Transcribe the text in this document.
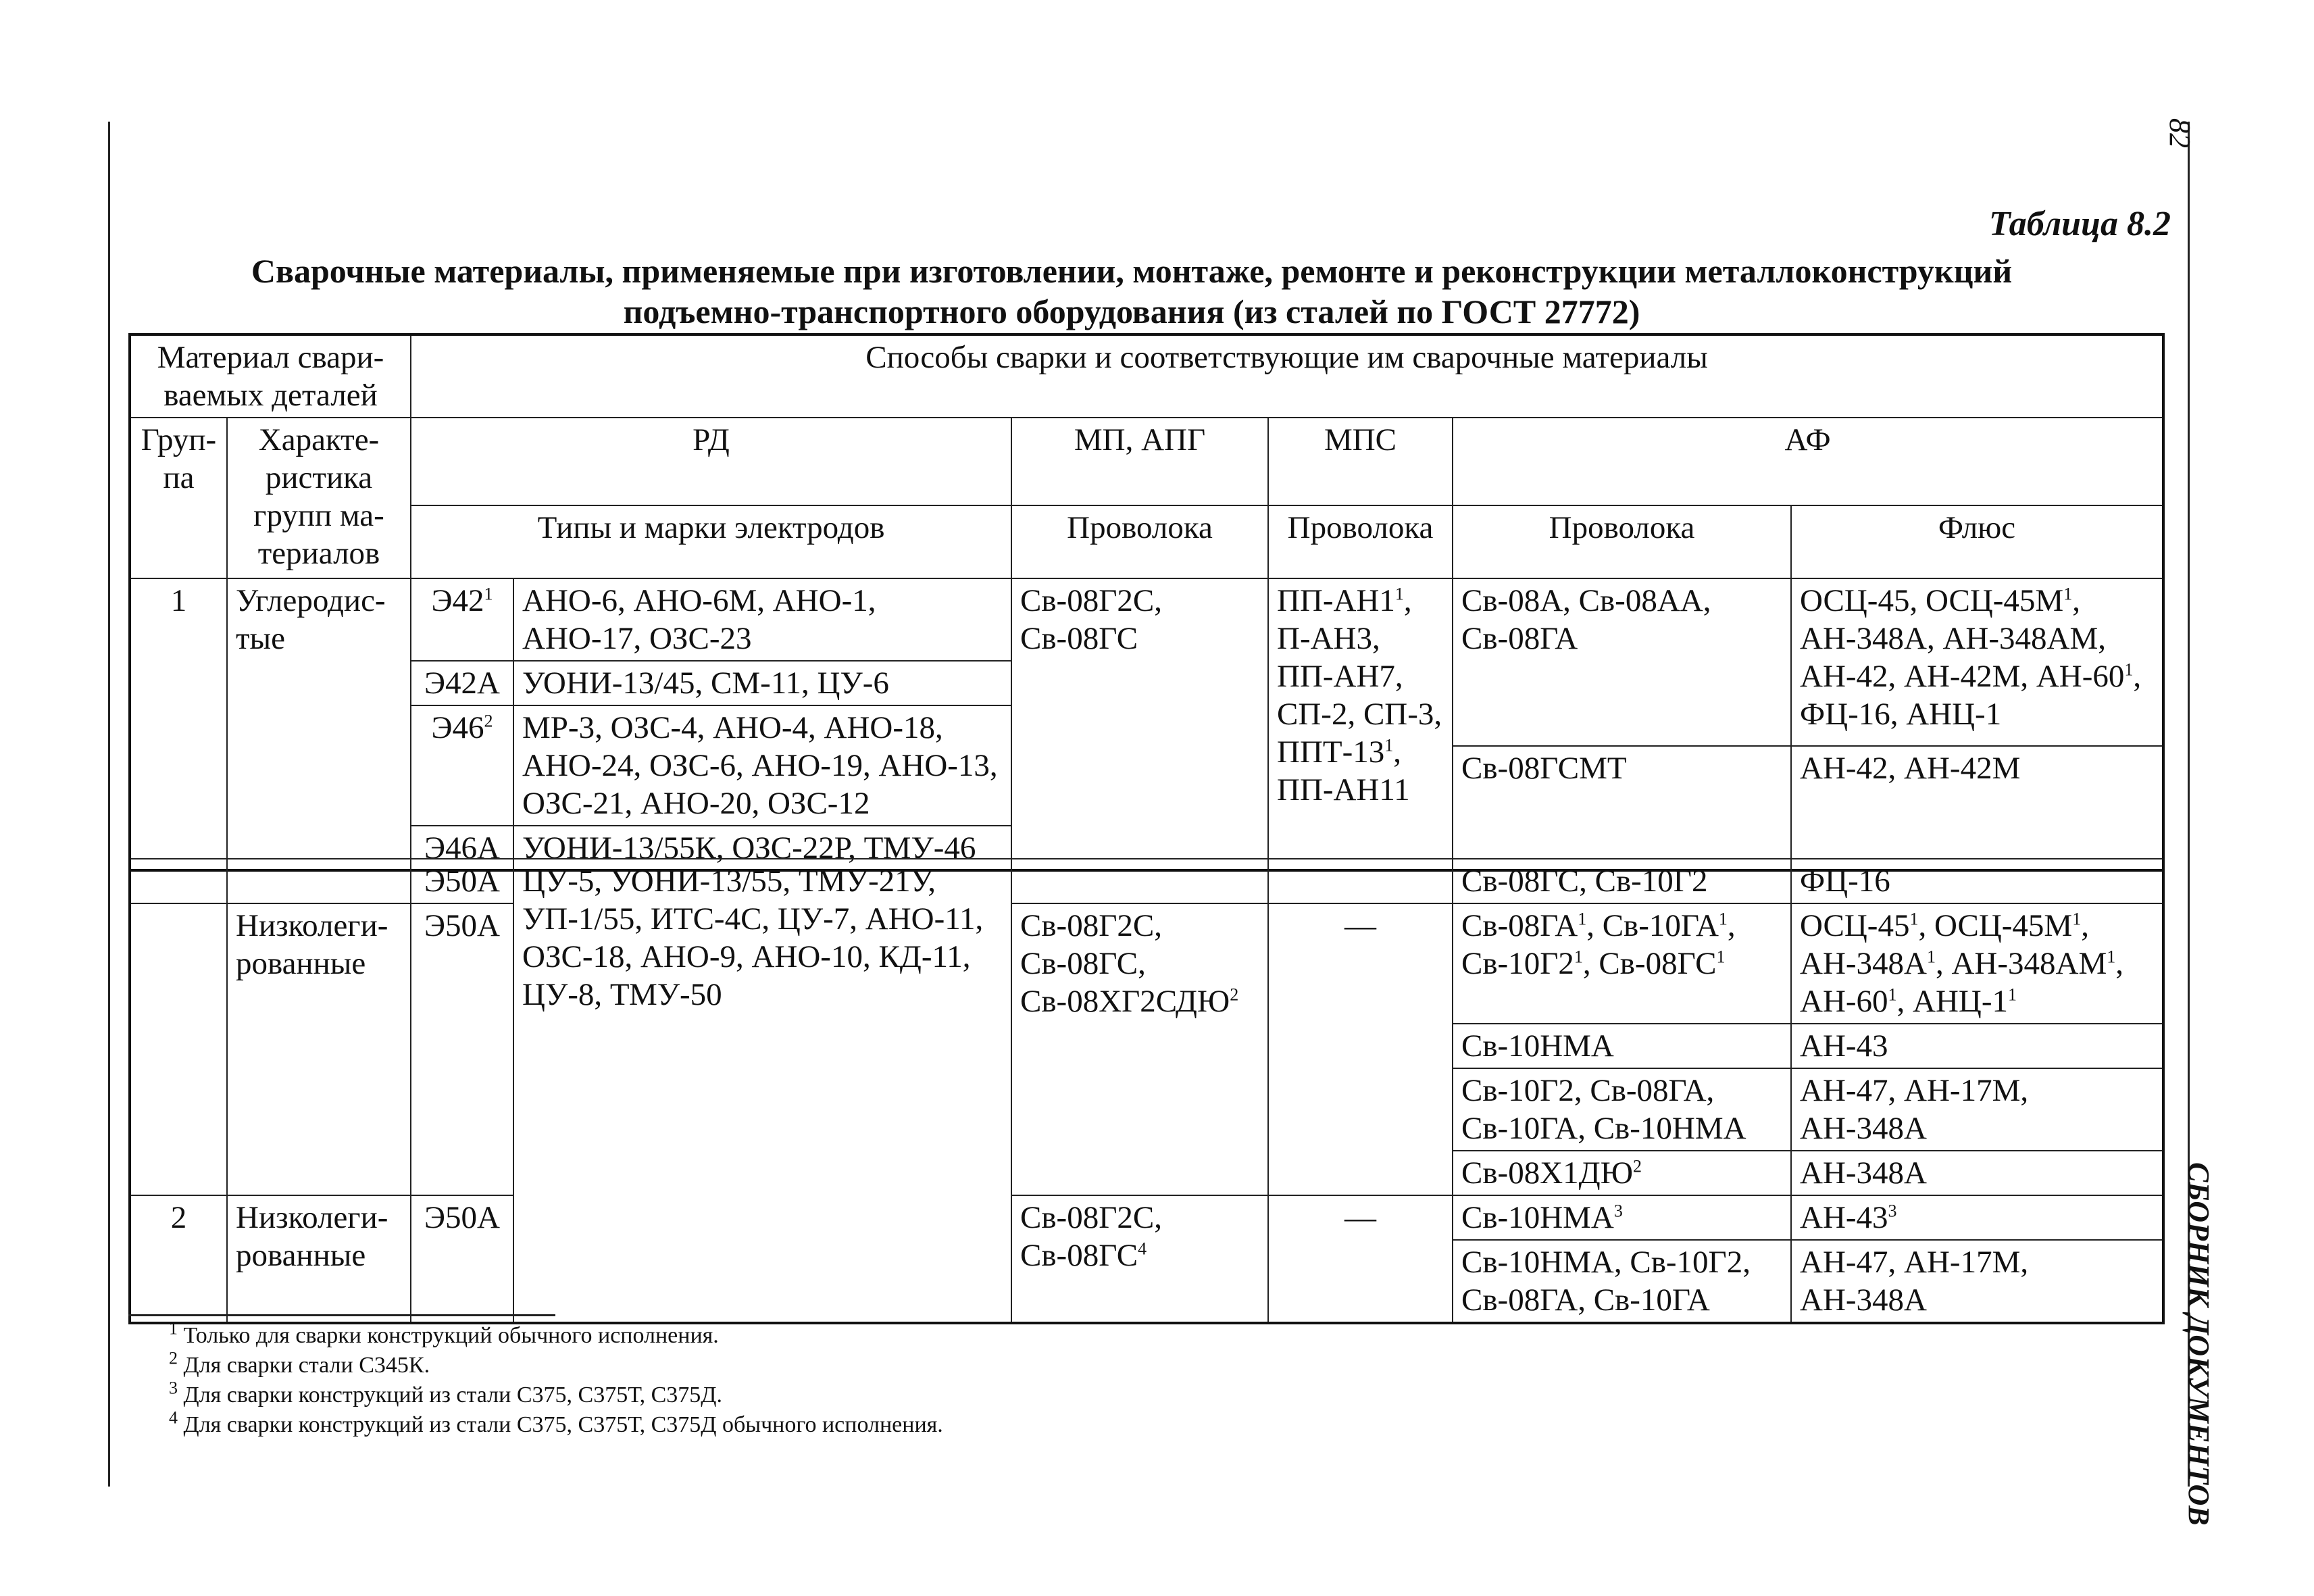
82
СБОРНИК ДОКУМЕНТОВ
Таблица 8.2
Сварочные материалы, применяемые при изготовлении, монтаже, ремонте и реконструкции металлоконструкций
подъемно-транспортного оборудования (из сталей по ГОСТ 27772)
Материал свари-ваемых деталей		Способы сварки и соответствующие им сварочные материалы					
Груп-па	Характе-ристика групп ма-териалов	РД		МП, АПГ	МПС	АФ	
		Типы и марки электродов		Проволока	Проволока	Проволока	Флюс
1	Углеродис-тые	$Э42^1$	АНО-6, АНО-6М, АНО-1, АНО-17, ОЗС-23	Св-08Г2С, Св-08ГС	$ПП-АН1^1$, П-АН3, ПП-АН7, СП-2, СП-3, ППТ-$13^1$, ПП-АН11	Св-08А, Св-08АА, Св-08ГА	ОСЦ-45, ОСЦ-$45М^1$, АН-348А, АН-348АМ, АН-42, АН-42М, $АН-60^1$, ФЦ-16, АНЦ-1
		Э42А	УОНИ-13/45, СМ-11, ЦУ-6				
		$Э46^2$	МР-3, ОЗС-4, АНО-4, АНО-18, АНО-24, ОЗС-6, АНО-19, АНО-13, ОЗС-21, АНО-20, ОЗС-12				
						Св-08ГСМТ	АН-42, АН-42М
		Э46А	УОНИ-13/55К, ОЗС-22Р, ТМУ-46				

		Э50А	ЦУ-5, УОНИ-13/55, ТМУ-21У, УП-1/55, ИТС-4С, ЦУ-7, АНО-11, ОЗС-18, АНО-9, АНО-10, КД-11, ЦУ-8, ТМУ-50			Св-08ГС, Св-10Г2	ФЦ-16
	Низколеги-рованные	Э50А		Св-08Г2С, Св-08ГС, Св-08ХГ2СДЮ$^2$	—	$Св-08ГА^1$, $Св-10ГА^1$, $Св-10Г2^1$, $Св-08ГС^1$	ОСЦ-$45^1$, ОСЦ-$45М^1$, $АН-348А^1$, $АН-348АМ^1$, $АН-60^1$, АНЦ-$1^1$
						Св-10НМА	АН-43
						Св-10Г2, Св-08ГА, Св-10ГА, Св-10НМА	АН-47, АН-17М, АН-348А
						$Св-08Х1ДЮ^2$	АН-348А

2	Низколеги-рованные	Э50А		Св-08Г2С, $Св-08ГС^4$	—	Св-10НМА$^3$	$АН-43^3$
						Св-10НМА, Св-10Г2, Св-08ГА, Св-10ГА	АН-47, АН-17М, АН-348А
$^1$ Только для сварки конструкций обычного исполнения.
$^2$ Для сварки стали С345К.
$^3$ Для сварки конструкций из стали С375, С375Т, С375Д.
$^4$ Для сварки конструкций из стали С375, С375Т, С375Д обычного исполнения.
